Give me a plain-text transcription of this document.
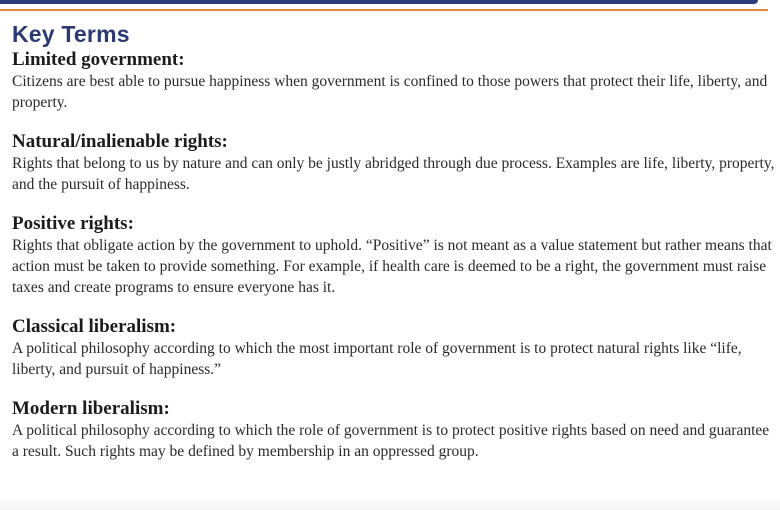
Key Terms
Limited government:

Citizens are best able to pursue happiness when government is confined to those powers that protect their life, liberty, and property.

Natural/inalienable rights:

Rights that belong to us by nature and can only be justly abridged through due process. Examples are life, liberty, property, and the pursuit of happiness.

Positive rights:

Rights that obligate action by the government to uphold. “Positive” is not meant as a value statement but rather means that action must be taken to provide something. For example, if health care is deemed to be a right, the government must raise taxes and create programs to ensure everyone has it.

Classical liberalism:

A political philosophy according to which the most important role of government is to protect natural rights like “life, liberty, and pursuit of happiness.”

Modern liberalism:

A political philosophy according to which the role of government is to protect positive rights based on need and guarantee a result. Such rights may be defined by membership in an oppressed group.
